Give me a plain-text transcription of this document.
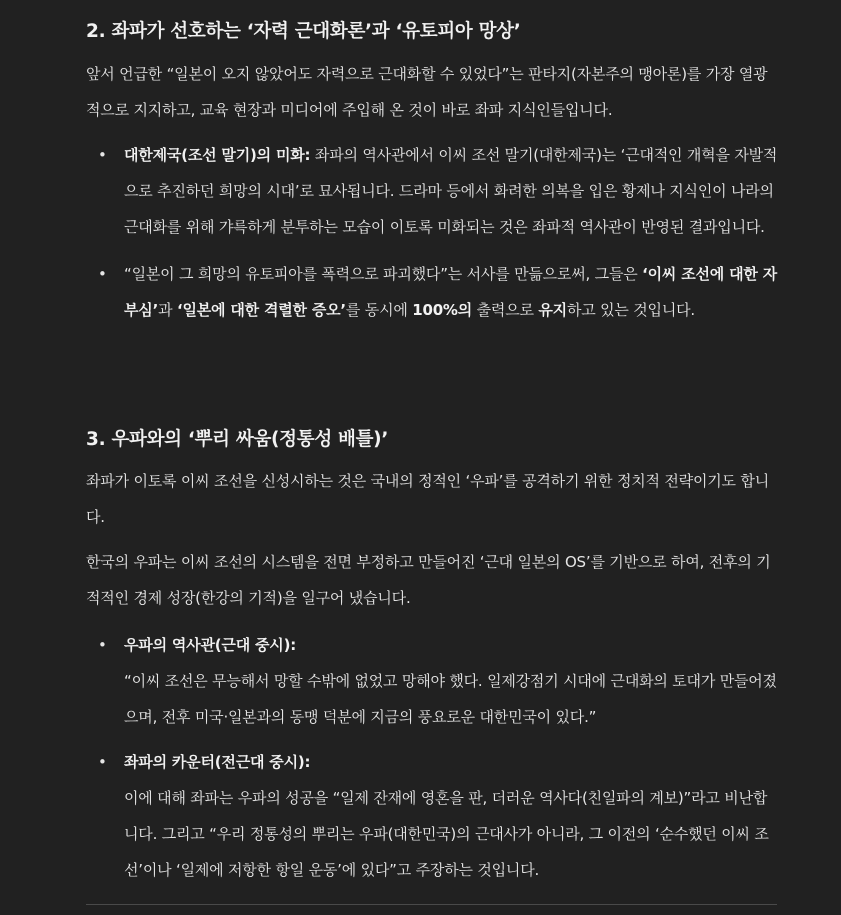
2. 좌파가 선호하는 ‘자력 근대화론’과 ‘유토피아 망상’

앞서 언급한 “일본이 오지 않았어도 자력으로 근대화할 수 있었다”는 판타지(자본주의 맹아론)를 가장 열광적으로 지지하고, 교육 현장과 미디어에 주입해 온 것이 바로 좌파 지식인들입니다.

• 대한제국(조선 말기)의 미화: 좌파의 역사관에서 이씨 조선 말기(대한제국)는 ‘근대적인 개혁을 자발적으로 추진하던 희망의 시대’로 묘사됩니다. 드라마 등에서 화려한 의복을 입은 황제나 지식인이 나라의 근대화를 위해 갸륵하게 분투하는 모습이 이토록 미화되는 것은 좌파적 역사관이 반영된 결과입니다.
• “일본이 그 희망의 유토피아를 폭력으로 파괴했다”는 서사를 만듦으로써, 그들은 ‘이씨 조선에 대한 자부심’과 ‘일본에 대한 격렬한 증오’를 동시에 100%의 출력으로 유지하고 있는 것입니다.
3. 우파와의 ‘뿌리 싸움(정통성 배틀)’

좌파가 이토록 이씨 조선을 신성시하는 것은 국내의 정적인 ‘우파’를 공격하기 위한 정치적 전략이기도 합니다.

한국의 우파는 이씨 조선의 시스템을 전면 부정하고 만들어진 ‘근대 일본의 OS’를 기반으로 하여, 전후의 기적적인 경제 성장(한강의 기적)을 일구어 냈습니다.

• 우파의 역사관(근대 중시):
“이씨 조선은 무능해서 망할 수밖에 없었고 망해야 했다. 일제강점기 시대에 근대화의 토대가 만들어졌으며, 전후 미국·일본과의 동맹 덕분에 지금의 풍요로운 대한민국이 있다.”
• 좌파의 카운터(전근대 중시):
이에 대해 좌파는 우파의 성공을 “일제 잔재에 영혼을 판, 더러운 역사다(친일파의 계보)”라고 비난합니다. 그리고 “우리 정통성의 뿌리는 우파(대한민국)의 근대사가 아니라, 그 이전의 ‘순수했던 이씨 조선’이나 ‘일제에 저항한 항일 운동’에 있다”고 주장하는 것입니다.
